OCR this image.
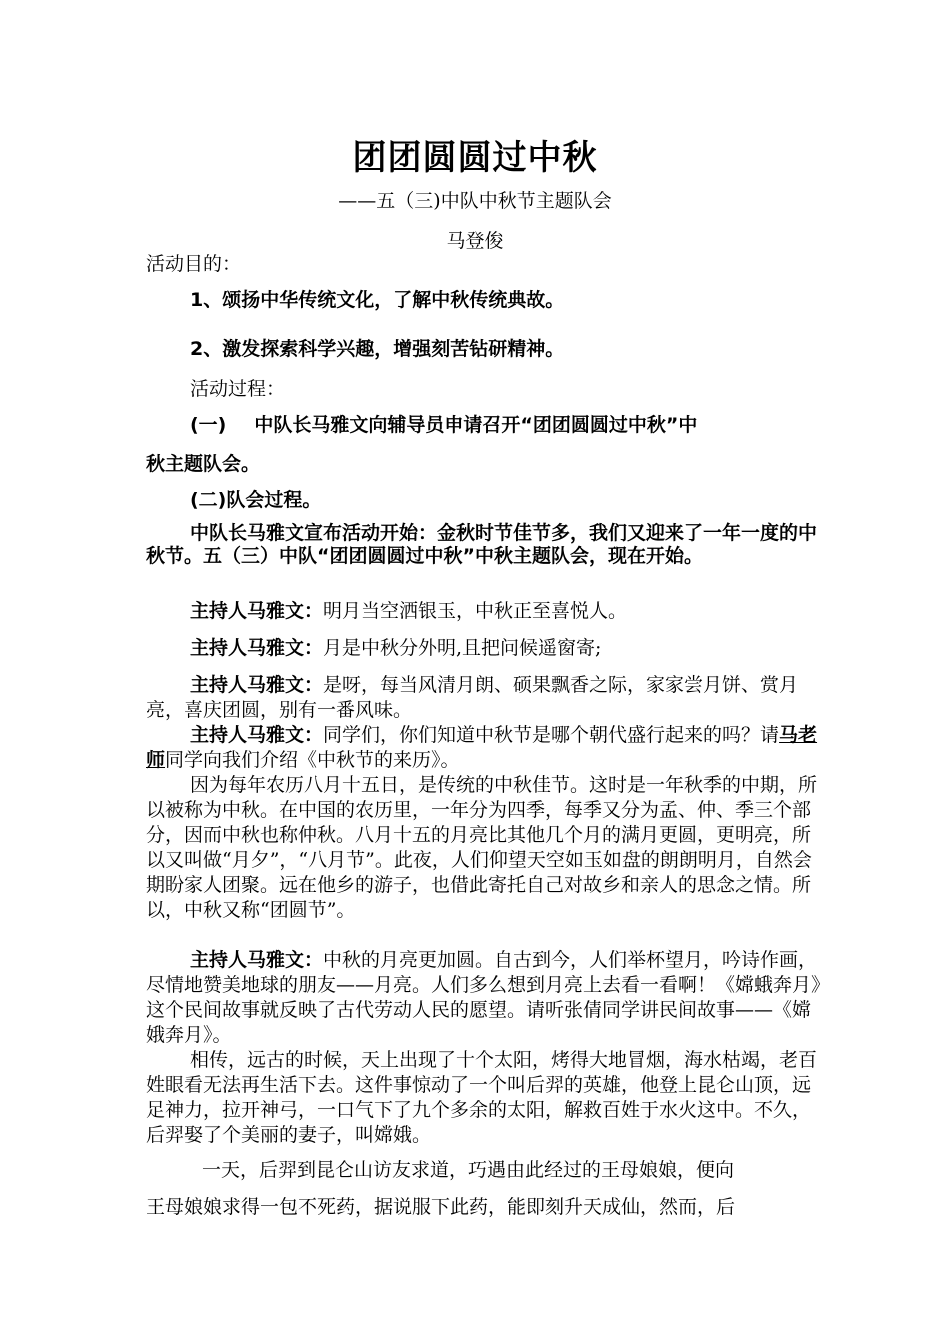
团团圆圆过中秋
——五（三)中队中秋节主题队会
马登俊
活动目的：
1、颂扬中华传统文化，了解中秋传统典故。
2、激发探索科学兴趣，增强刻苦钻研精神。
活动过程：
(一) 中队长马雅文向辅导员申请召开“团团圆圆过中秋”中
秋主题队会。
(二)队会过程。
中队长马雅文宣布活动开始：金秋时节佳节多，我们又迎来了一年一度的中秋节。五（三）中队“团团圆圆过中秋”中秋主题队会，现在开始。
主持人马雅文：明月当空洒银玉，中秋正至喜悦人。
主持人马雅文：月是中秋分外明,且把问候遥窗寄;
主持人马雅文：是呀，每当风清月朗、硕果飘香之际，家家尝月饼、赏月亮，喜庆团圆，别有一番风味。
主持人马雅文：同学们，你们知道中秋节是哪个朝代盛行起来的吗？请马老师同学向我们介绍《中秋节的来历》。
因为每年农历八月十五日，是传统的中秋佳节。这时是一年秋季的中期，所以被称为中秋。在中国的农历里，一年分为四季，每季又分为孟、仲、季三个部分，因而中秋也称仲秋。八月十五的月亮比其他几个月的满月更圆，更明亮，所以又叫做“月夕”，“八月节”。此夜，人们仰望天空如玉如盘的朗朗明月，自然会期盼家人团聚。远在他乡的游子，也借此寄托自己对故乡和亲人的思念之情。所以，中秋又称“团圆节”。
主持人马雅文：中秋的月亮更加圆。自古到今，人们举杯望月，吟诗作画，尽情地赞美地球的朋友——月亮。人们多么想到月亮上去看一看啊！《嫦蛾奔月》这个民间故事就反映了古代劳动人民的愿望。请听张倩同学讲民间故事——《嫦娥奔月》。
相传，远古的时候，天上出现了十个太阳，烤得大地冒烟，海水枯竭，老百姓眼看无法再生活下去。这件事惊动了一个叫后羿的英雄，他登上昆仑山顶，远足神力，拉开神弓，一口气下了九个多余的太阳，解救百姓于水火这中。不久，后羿娶了个美丽的妻子，叫嫦娥。
一天，后羿到昆仑山访友求道，巧遇由此经过的王母娘娘，便向
王母娘娘求得一包不死药，据说服下此药，能即刻升天成仙，然而，后
